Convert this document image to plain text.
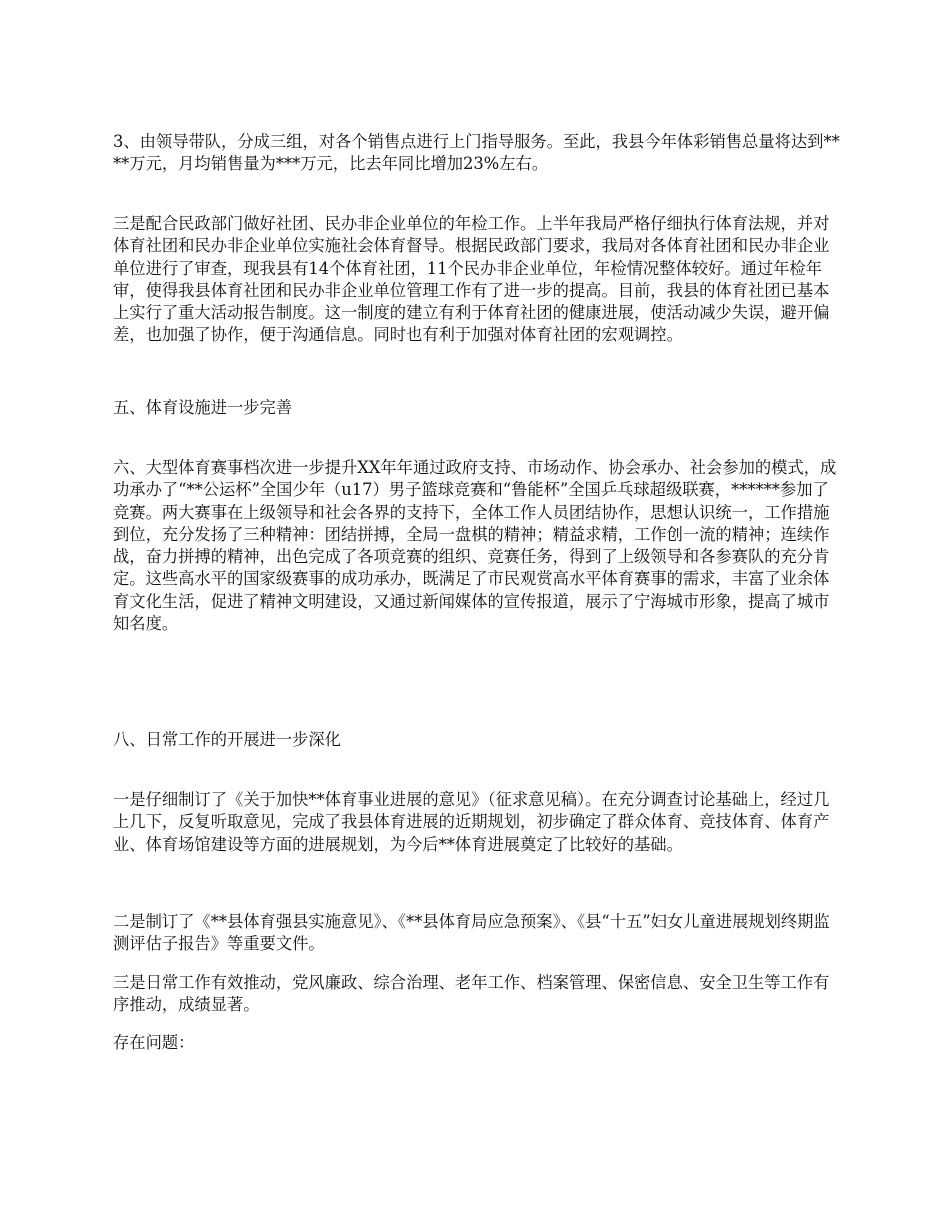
3、由领导带队，分成三组，对各个销售点进行上门指导服务。至此，我县今年体彩销售总量将达到****万元，月均销售量为***万元，比去年同比增加23%左右。

三是配合民政部门做好社团、民办非企业单位的年检工作。上半年我局严格仔细执行体育法规，并对体育社团和民办非企业单位实施社会体育督导。根据民政部门要求，我局对各体育社团和民办非企业单位进行了审查，现我县有14个体育社团，11个民办非企业单位，年检情况整体较好。通过年检年审，使得我县体育社团和民办非企业单位管理工作有了进一步的提高。目前，我县的体育社团已基本上实行了重大活动报告制度。这一制度的建立有利于体育社团的健康进展，使活动减少失误，避开偏差，也加强了协作，便于沟通信息。同时也有利于加强对体育社团的宏观调控。

五、体育设施进一步完善

六、大型体育赛事档次进一步提升XX年年通过政府支持、市场动作、协会承办、社会参加的模式，成功承办了“**公运杯”全国少年（u17）男子篮球竞赛和“鲁能杯”全国乒乓球超级联赛，******参加了竞赛。两大赛事在上级领导和社会各界的支持下，全体工作人员团结协作，思想认识统一，工作措施到位，充分发扬了三种精神：团结拼搏，全局一盘棋的精神；精益求精，工作创一流的精神；连续作战，奋力拼搏的精神，出色完成了各项竞赛的组织、竞赛任务，得到了上级领导和各参赛队的充分肯定。这些高水平的国家级赛事的成功承办，既满足了市民观赏高水平体育赛事的需求，丰富了业余体育文化生活，促进了精神文明建设，又通过新闻媒体的宣传报道，展示了宁海城市形象，提高了城市知名度。

八、日常工作的开展进一步深化

一是仔细制订了《关于加快**体育事业进展的意见》（征求意见稿）。在充分调查讨论基础上，经过几上几下，反复听取意见，完成了我县体育进展的近期规划，初步确定了群众体育、竞技体育、体育产业、体育场馆建设等方面的进展规划，为今后**体育进展奠定了比较好的基础。

二是制订了《**县体育强县实施意见》、《**县体育局应急预案》、《县“十五”妇女儿童进展规划终期监测评估子报告》等重要文件。

三是日常工作有效推动，党风廉政、综合治理、老年工作、档案管理、保密信息、安全卫生等工作有序推动，成绩显著。

存在问题：
